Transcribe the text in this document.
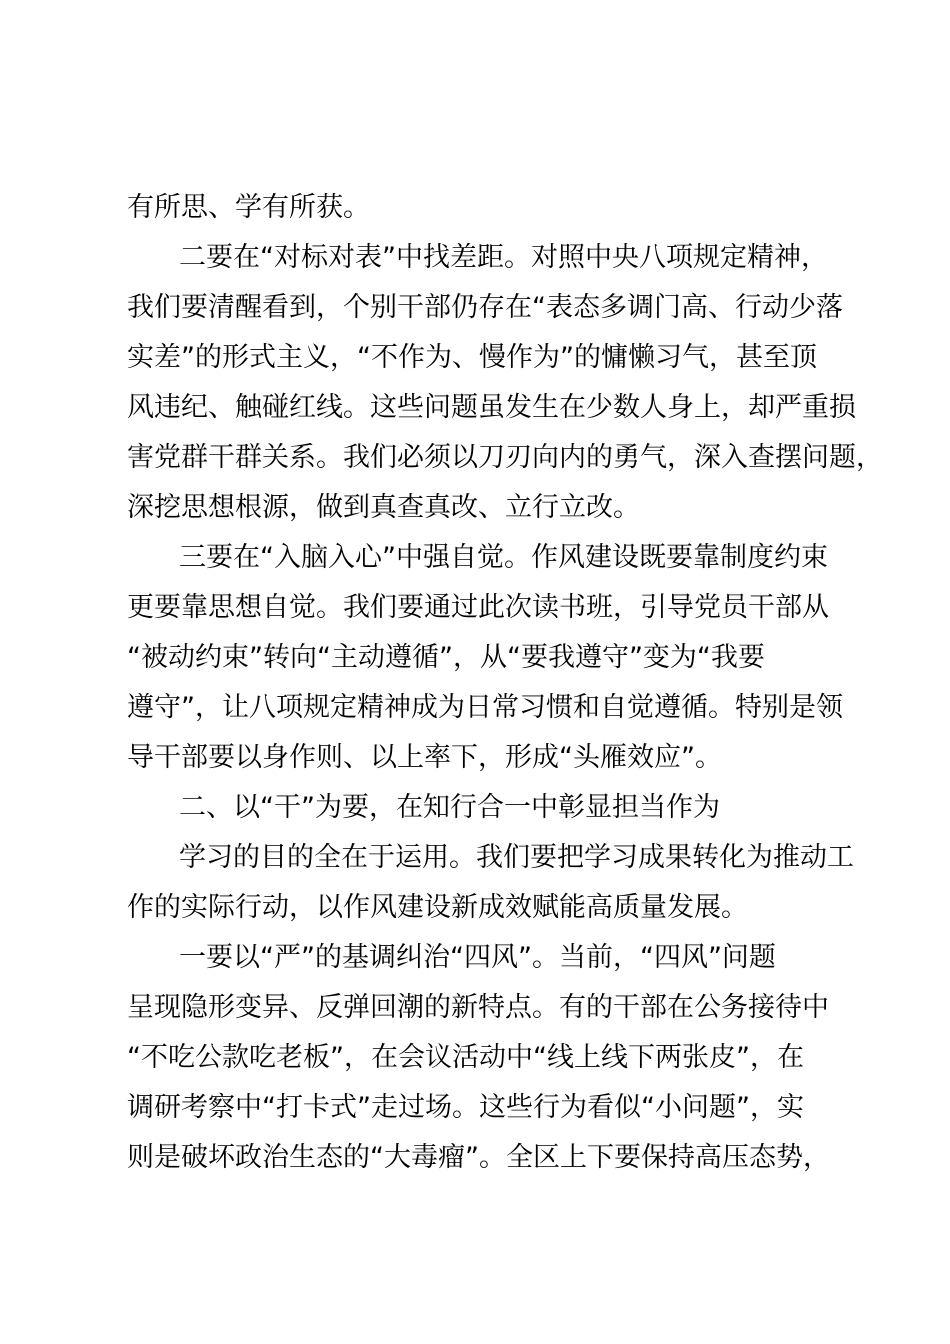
有所思、学有所获。
二要在“对标对表”中找差距。对照中央八项规定精神，
我们要清醒看到，个别干部仍存在“表态多调门高、行动少落
实差”的形式主义，“不作为、慢作为”的慵懒习气，甚至顶
风违纪、触碰红线。这些问题虽发生在少数人身上，却严重损
害党群干群关系。我们必须以刀刃向内的勇气，深入查摆问题，
深挖思想根源，做到真查真改、立行立改。
三要在“入脑入心”中强自觉。作风建设既要靠制度约束
更要靠思想自觉。我们要通过此次读书班，引导党员干部从
“被动约束”转向“主动遵循”，从“要我遵守”变为“我要
遵守”，让八项规定精神成为日常习惯和自觉遵循。特别是领
导干部要以身作则、以上率下，形成“头雁效应”。
二、以“干”为要，在知行合一中彰显担当作为
学习的目的全在于运用。我们要把学习成果转化为推动工
作的实际行动，以作风建设新成效赋能高质量发展。
一要以“严”的基调纠治“四风”。当前，“四风”问题
呈现隐形变异、反弹回潮的新特点。有的干部在公务接待中
“不吃公款吃老板”，在会议活动中“线上线下两张皮”，在
调研考察中“打卡式”走过场。这些行为看似“小问题”，实
则是破坏政治生态的“大毒瘤”。全区上下要保持高压态势，
